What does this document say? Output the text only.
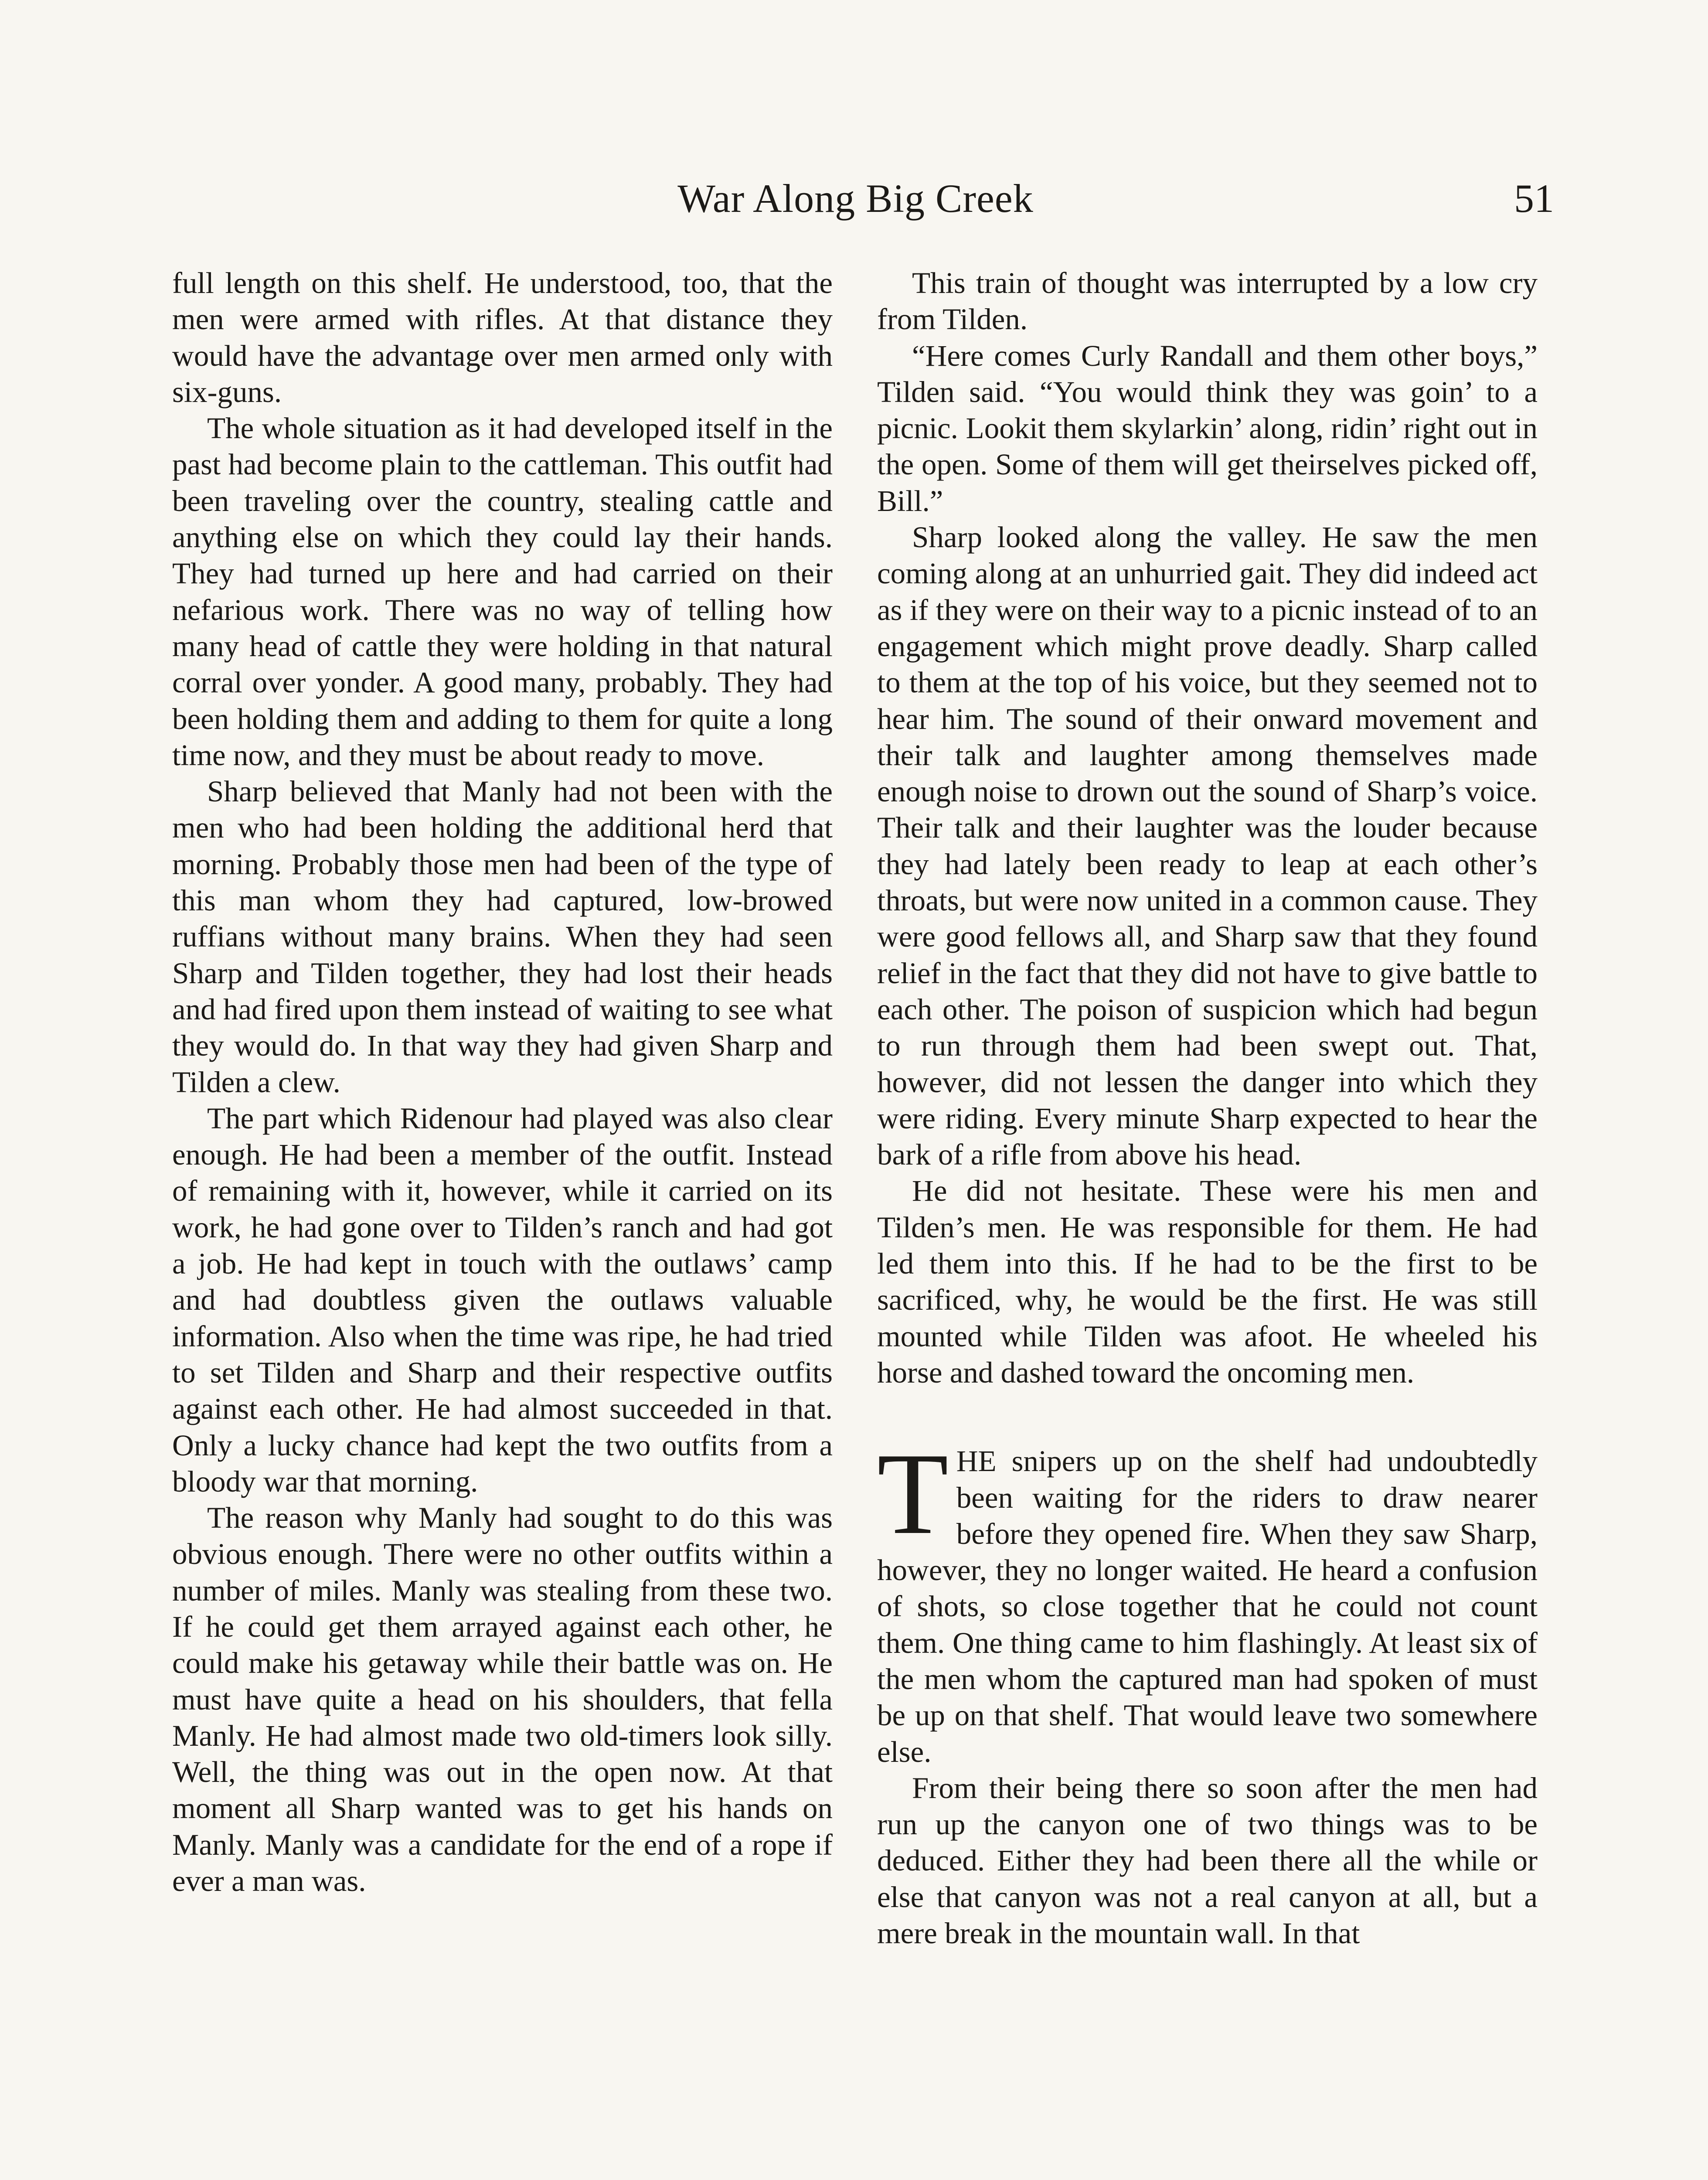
War Along Big Creek	51

full length on this shelf. He understood, too, that the men were armed with rifles. At that distance they would have the advantage over men armed only with six-guns.

The whole situation as it had developed itself in the past had become plain to the cattleman. This outfit had been traveling over the country, stealing cattle and anything else on which they could lay their hands. They had turned up here and had carried on their nefarious work. There was no way of telling how many head of cattle they were holding in that natural corral over yonder. A good many, probably. They had been holding them and adding to them for quite a long time now, and they must be about ready to move.

Sharp believed that Manly had not been with the men who had been holding the additional herd that morning. Probably those men had been of the type of this man whom they had captured, low-browed ruffians without many brains. When they had seen Sharp and Tilden together, they had lost their heads and had fired upon them instead of waiting to see what they would do. In that way they had given Sharp and Tilden a clew.

The part which Ridenour had played was also clear enough. He had been a member of the outfit. Instead of remaining with it, however, while it carried on its work, he had gone over to Tilden’s ranch and had got a job. He had kept in touch with the outlaws’ camp and had doubtless given the outlaws valuable information. Also when the time was ripe, he had tried to set Tilden and Sharp and their respective outfits against each other. He had almost succeeded in that. Only a lucky chance had kept the two outfits from a bloody war that morning.

The reason why Manly had sought to do this was obvious enough. There were no other outfits within a number of miles. Manly was stealing from these two. If he could get them arrayed against each other, he could make his getaway while their battle was on. He must have quite a head on his shoulders, that fella Manly. He had almost made two old-timers look silly. Well, the thing was out in the open now. At that moment all Sharp wanted was to get his hands on Manly. Manly was a candidate for the end of a rope if ever a man was.

This train of thought was interrupted by a low cry from Tilden.

“Here comes Curly Randall and them other boys,” Tilden said. “You would think they was goin’ to a picnic. Lookit them skylarkin’ along, ridin’ right out in the open. Some of them will get theirselves picked off, Bill.”

Sharp looked along the valley. He saw the men coming along at an unhurried gait. They did indeed act as if they were on their way to a picnic instead of to an engagement which might prove deadly. Sharp called to them at the top of his voice, but they seemed not to hear him. The sound of their onward movement and their talk and laughter among themselves made enough noise to drown out the sound of Sharp’s voice. Their talk and their laughter was the louder because they had lately been ready to leap at each other’s throats, but were now united in a common cause. They were good fellows all, and Sharp saw that they found relief in the fact that they did not have to give battle to each other. The poison of suspicion which had begun to run through them had been swept out. That, however, did not lessen the danger into which they were riding. Every minute Sharp expected to hear the bark of a rifle from above his head.

He did not hesitate. These were his men and Tilden’s men. He was responsible for them. He had led them into this. If he had to be the first to be sacrificed, why, he would be the first. He was still mounted while Tilden was afoot. He wheeled his horse and dashed toward the oncoming men.

THE snipers up on the shelf had undoubtedly been waiting for the riders to draw nearer before they opened fire. When they saw Sharp, however, they no longer waited. He heard a confusion of shots, so close together that he could not count them. One thing came to him flashingly. At least six of the men whom the captured man had spoken of must be up on that shelf. That would leave two somewhere else.

From their being there so soon after the men had run up the canyon one of two things was to be deduced. Either they had been there all the while or else that canyon was not a real canyon at all, but a mere break in the mountain wall. In that
